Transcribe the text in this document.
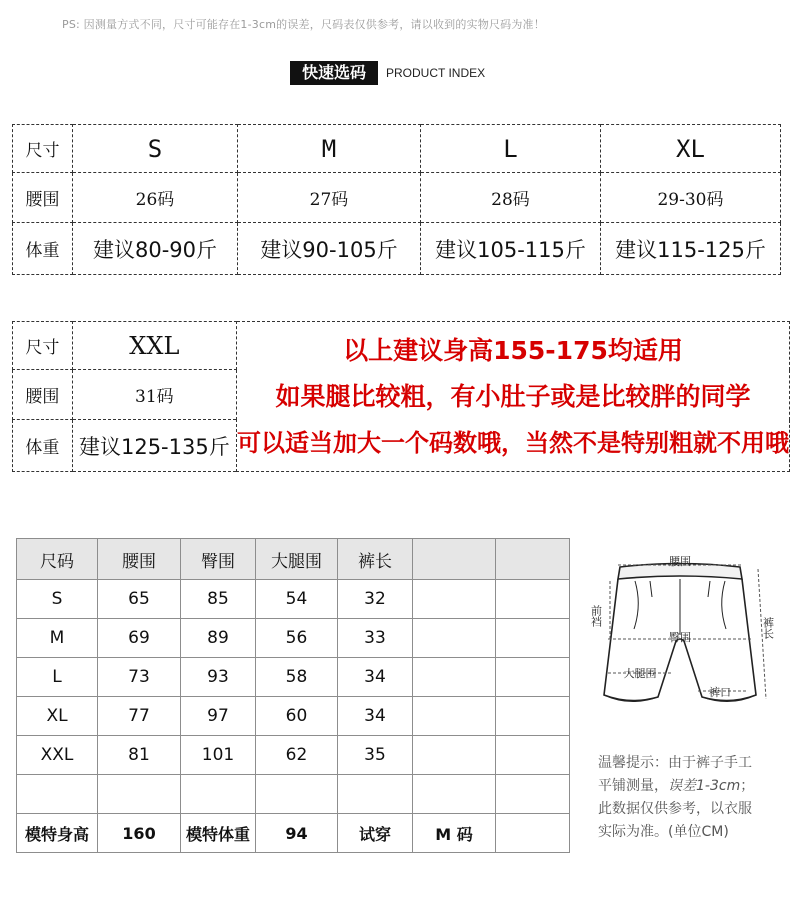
PS: 因测量方式不同，尺寸可能存在1-3cm的误差，尺码表仅供参考，请以收到的实物尺码为准！
快速选码	PRODUCT INDEX
尺寸	S	M	L	XL
腰围	26码	27码	28码	29-30码
体重	建议80-90斤	建议90-105斤	建议105-115斤	建议115-125斤
尺寸	XXL	以上建议身高155-175均适用
如果腿比较粗，有小肚子或是比较胖的同学
可以适当加大一个码数哦，当然不是特别粗就不用哦

腰围	31码	
体重	建议125-135斤	
尺码	腰围	臀围	大腿围	裤长		
S	65	85	54	32		
M	69	89	56	33		
L	73	93	58	34		
XL	77	97	60	34		
XXL	81	101	62	35		

模特身高	160	模特体重	94	试穿	M 码	
腰围
臀围
大腿围
裤口
前裆
裤长
温馨提示：由于裤子手工
平铺测量，误差1-3cm；
此数据仅供参考，以衣服
实际为准。(单位CM)
